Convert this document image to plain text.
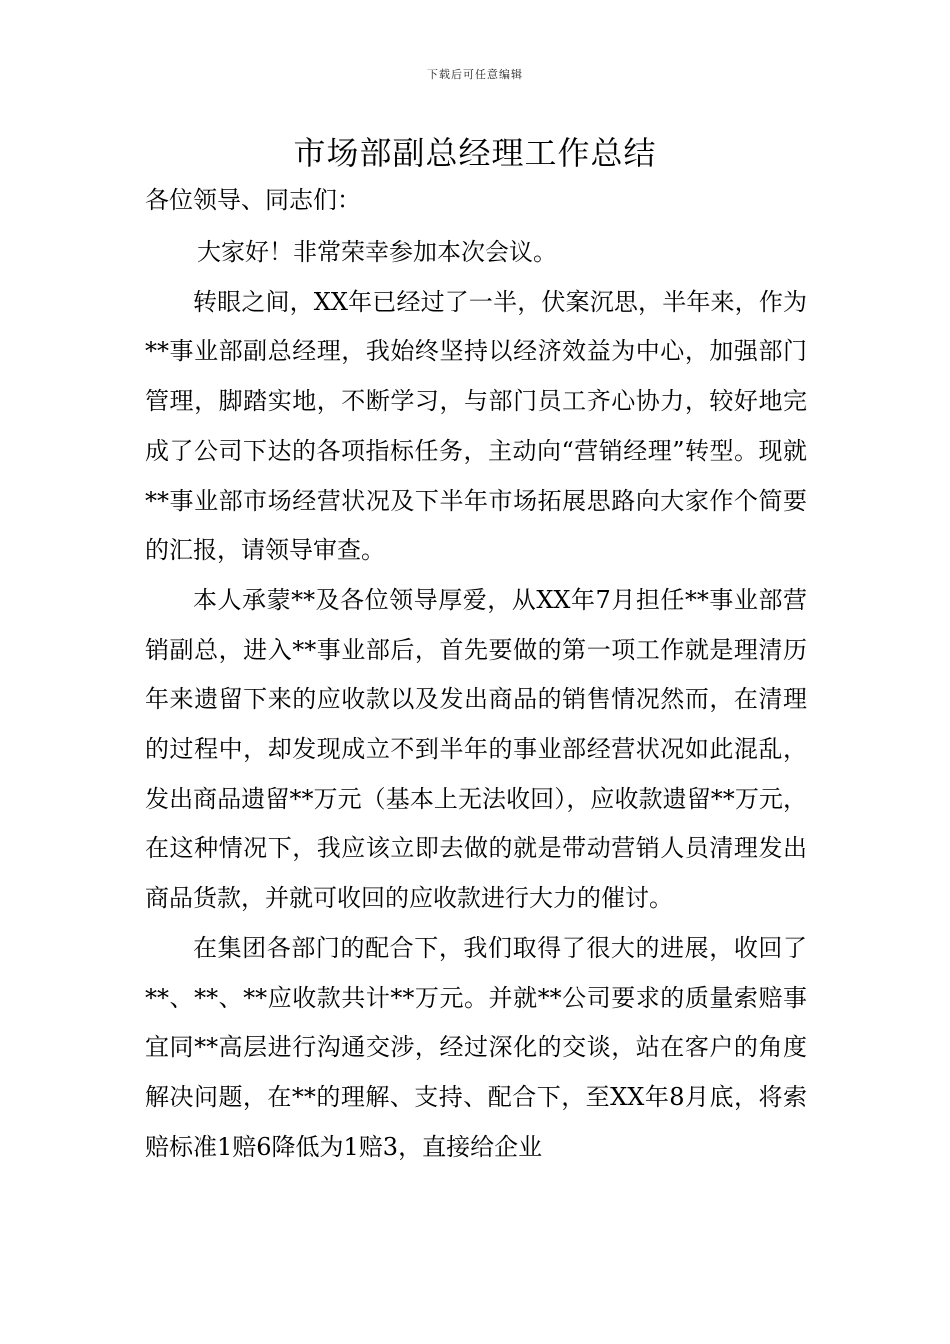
下载后可任意编辑
市场部副总经理工作总结

各位领导、同志们：

大家好！非常荣幸参加本次会议。

转眼之间，XX年已经过了一半，伏案沉思，半年来，作为**事业部副总经理，我始终坚持以经济效益为中心，加强部门管理，脚踏实地，不断学习，与部门员工齐心协力，较好地完成了公司下达的各项指标任务，主动向“营销经理”转型。现就**事业部市场经营状况及下半年市场拓展思路向大家作个简要的汇报，请领导审查。

本人承蒙**及各位领导厚爱，从XX年7月担任**事业部营销副总，进入**事业部后，首先要做的第一项工作就是理清历年来遗留下来的应收款以及发出商品的销售情况然而，在清理的过程中，却发现成立不到半年的事业部经营状况如此混乱，发出商品遗留**万元（基本上无法收回），应收款遗留**万元，在这种情况下，我应该立即去做的就是带动营销人员清理发出商品货款，并就可收回的应收款进行大力的催讨。

在集团各部门的配合下，我们取得了很大的进展，收回了**、**、**应收款共计**万元。并就**公司要求的质量索赔事宜同**高层进行沟通交涉，经过深化的交谈，站在客户的角度解决问题，在**的理解、支持、配合下，至XX年8月底，将索赔标准1赔6降低为1赔3，直接给企业
